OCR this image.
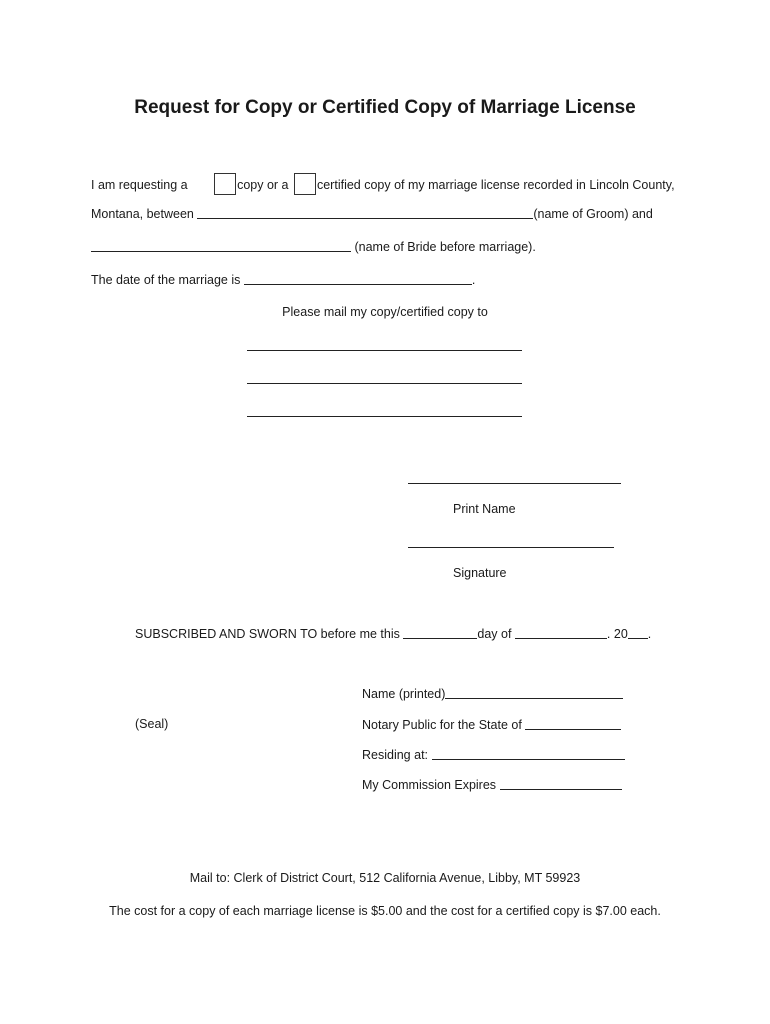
Request for Copy or Certified Copy of Marriage License
I am requesting a	copy or a certified copy of my marriage license recorded in Lincoln County,
Montana, between	(name of Groom) and
(name of Bride before marriage).
The date of the marriage is	.
Please mail my copy/certified copy to
Print Name
Signature
SUBSCRIBED AND SWORN TO before me this	day of	. 20 .
Name (printed)
(Seal)	Notary Public for the State of
Residing at:
My Commission Expires
Mail to: Clerk of District Court, 512 California Avenue, Libby, MT 59923
The cost for a copy of each marriage license is $5.00 and the cost for a certified copy is $7.00 each.
